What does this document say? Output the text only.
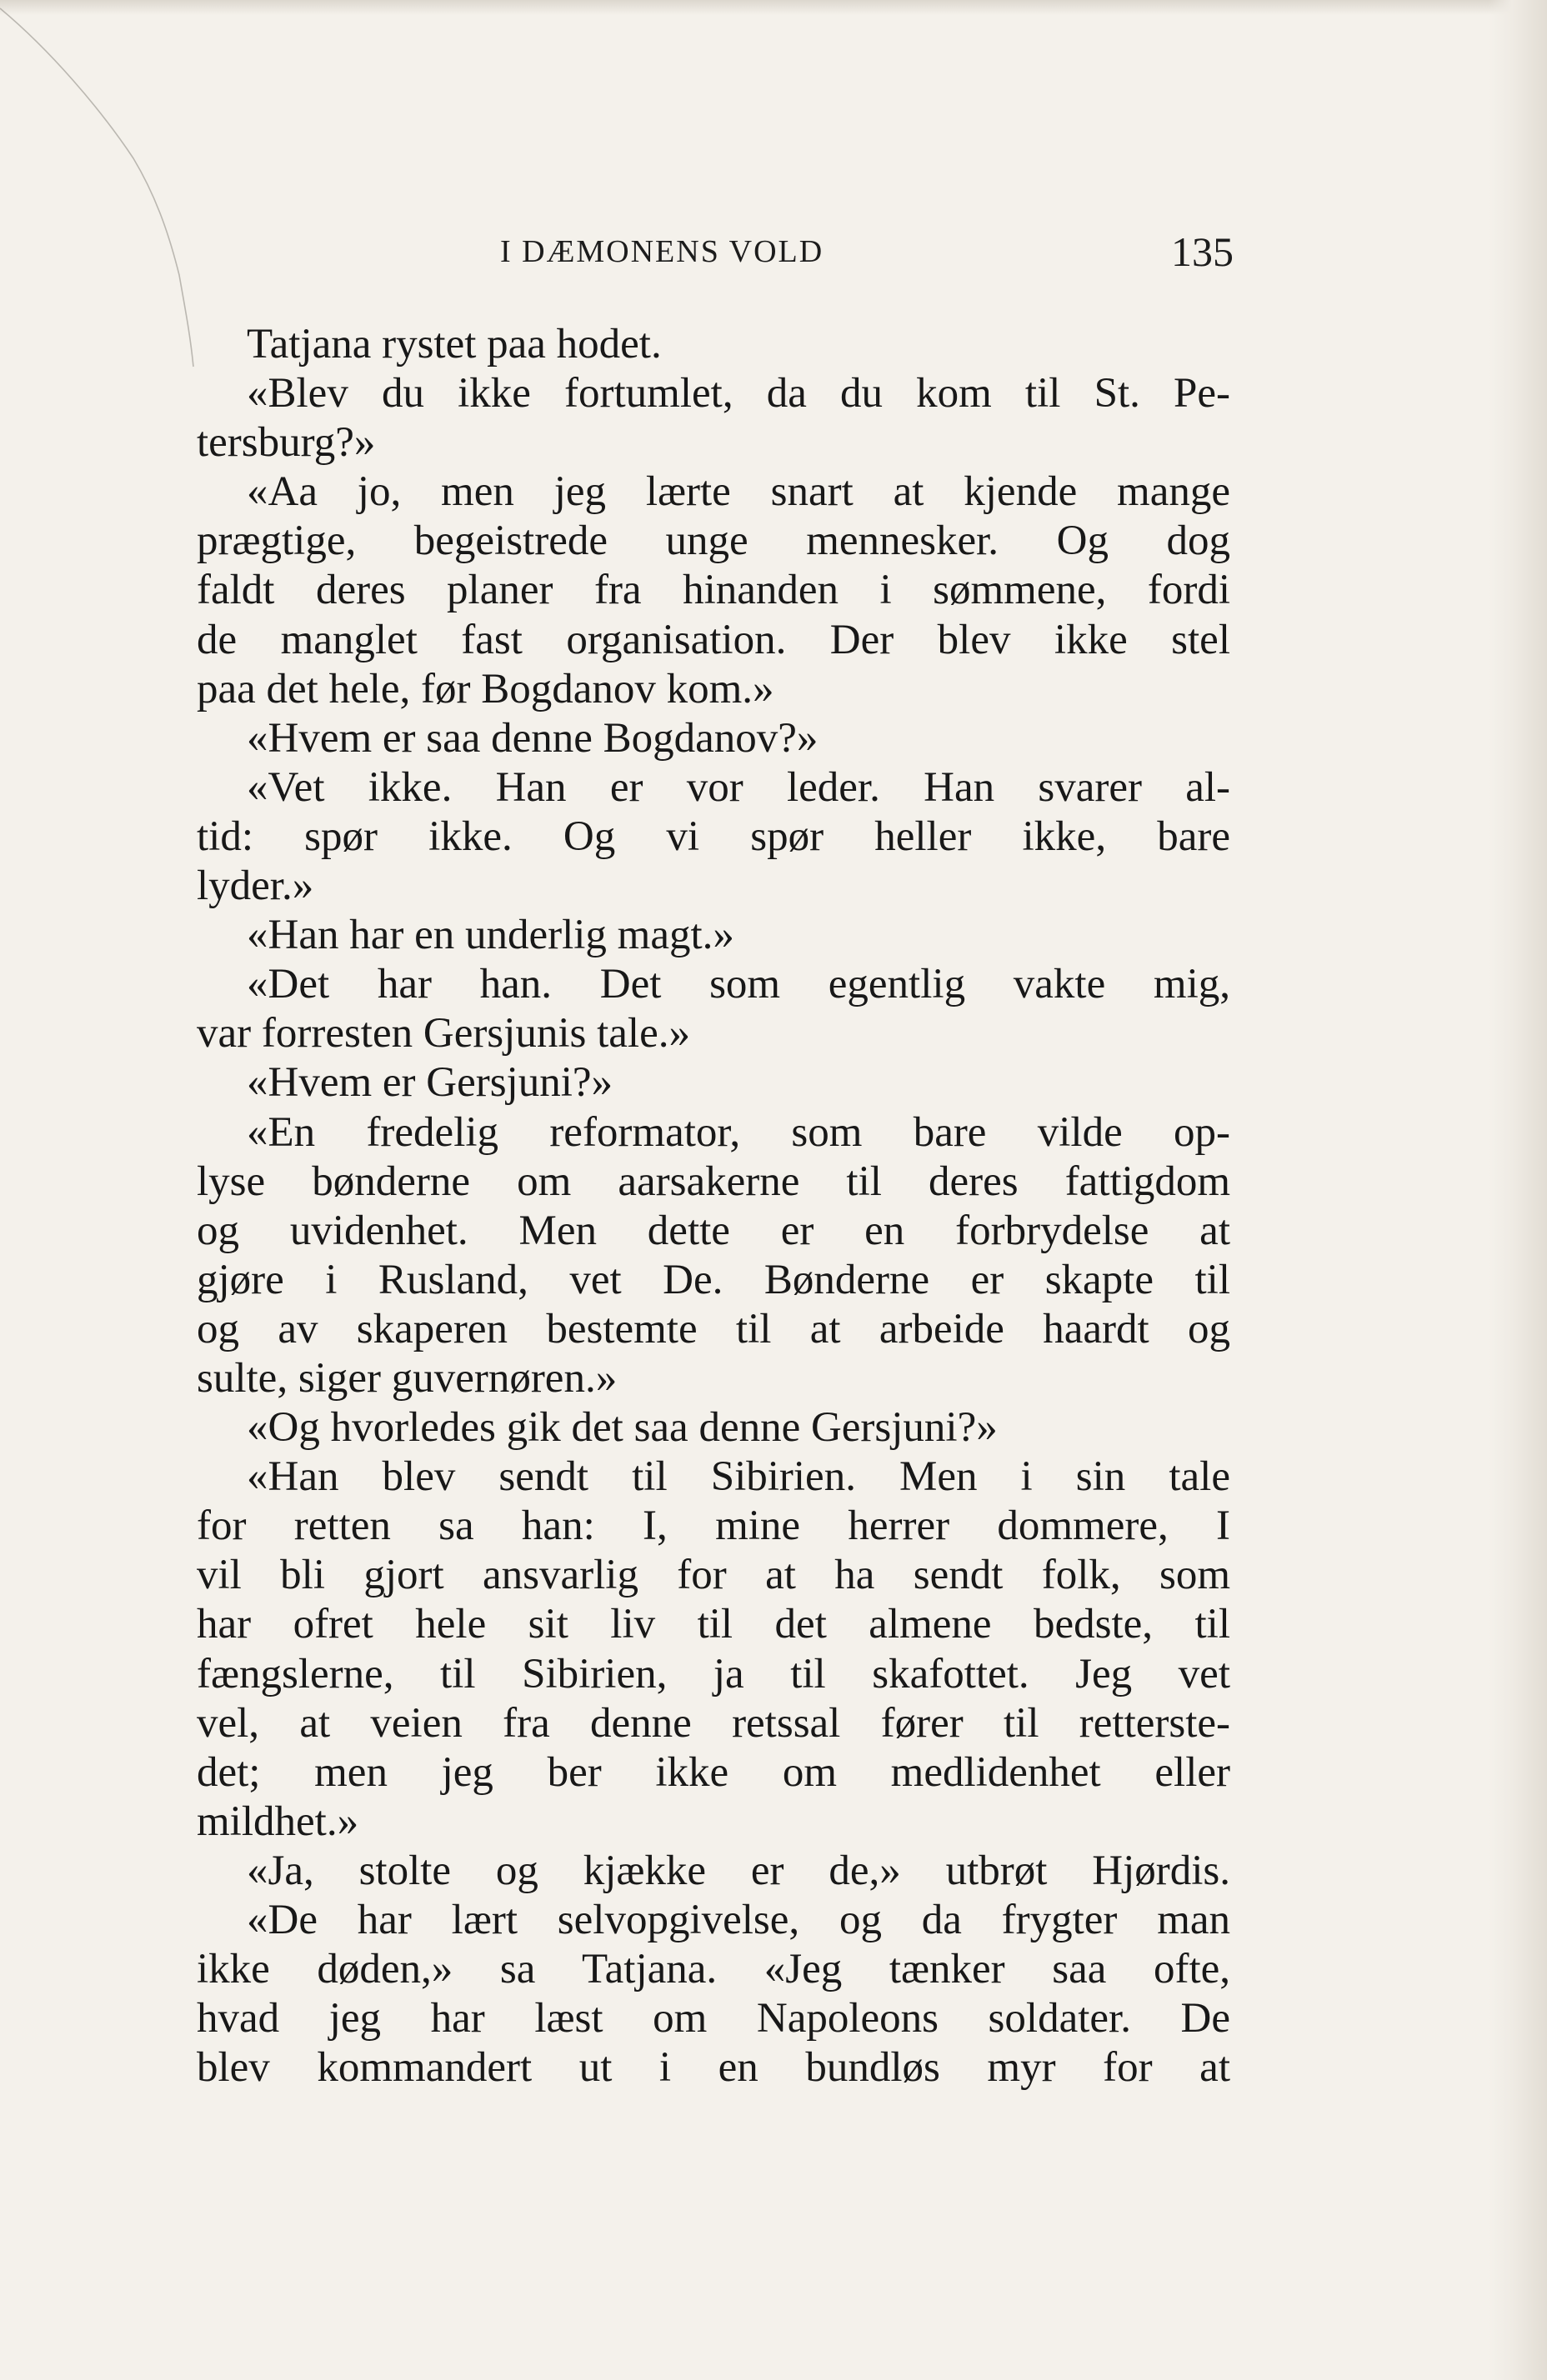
I DÆMONENS VOLD	135
Tatjana rystet paa hodet.
«Blev du ikke fortumlet, da du kom til St. Pe-
tersburg?»
«Aa jo, men jeg lærte snart at kjende mange
prægtige, begeistrede unge mennesker. Og dog
faldt deres planer fra hinanden i sømmene, fordi
de manglet fast organisation. Der blev ikke stel
paa det hele, før Bogdanov kom.»
«Hvem er saa denne Bogdanov?»
«Vet ikke. Han er vor leder. Han svarer al-
tid: spør ikke. Og vi spør heller ikke, bare
lyder.»
«Han har en underlig magt.»
«Det har han. Det som egentlig vakte mig,
var forresten Gersjunis tale.»
«Hvem er Gersjuni?»
«En fredelig reformator, som bare vilde op-
lyse bønderne om aarsakerne til deres fattigdom
og uvidenhet. Men dette er en forbrydelse at
gjøre i Rusland, vet De. Bønderne er skapte til
og av skaperen bestemte til at arbeide haardt og
sulte, siger guvernøren.»
«Og hvorledes gik det saa denne Gersjuni?»
«Han blev sendt til Sibirien. Men i sin tale
for retten sa han: I, mine herrer dommere, I
vil bli gjort ansvarlig for at ha sendt folk, som
har ofret hele sit liv til det almene bedste, til
fængslerne, til Sibirien, ja til skafottet. Jeg vet
vel, at veien fra denne retssal fører til retterste-
det; men jeg ber ikke om medlidenhet eller
mildhet.»
«Ja, stolte og kjække er de,» utbrøt Hjørdis.
«De har lært selvopgivelse, og da frygter man
ikke døden,» sa Tatjana. «Jeg tænker saa ofte,
hvad jeg har læst om Napoleons soldater. De
blev kommandert ut i en bundløs myr for at
